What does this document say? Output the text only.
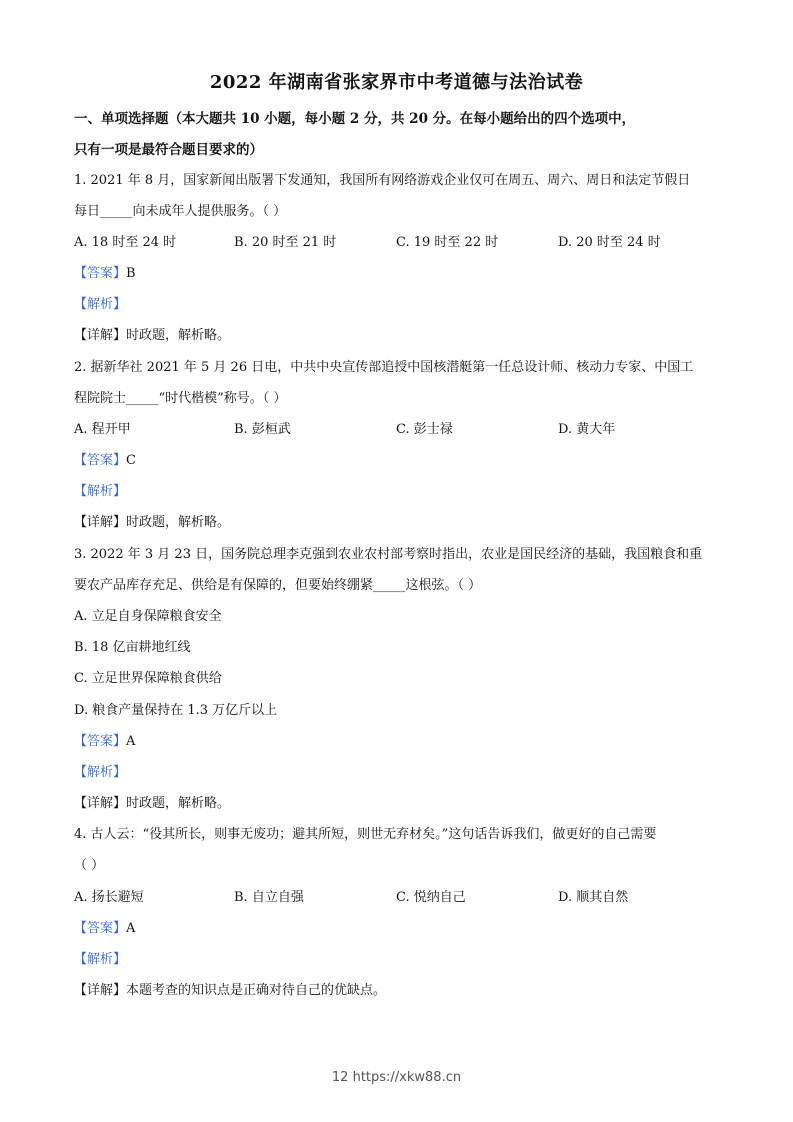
2022 年湖南省张家界市中考道德与法治试卷
一、单项选择题（本大题共 10 小题，每小题 2 分，共 20 分。在每小题给出的四个选项中，
只有一项是最符合题目要求的）
1. 2021 年 8 月，国家新闻出版署下发通知，我国所有网络游戏企业仅可在周五、周六、周日和法定节假日
每日_____向未成年人提供服务。（ ）
A. 18 时至 24 时	B. 20 时至 21 时	C. 19 时至 22 时	D. 20 时至 24 时
【答案】B
【解析】
【详解】时政题，解析略。
2. 据新华社 2021 年 5 月 26 日电，中共中央宣传部追授中国核潜艇第一任总设计师、核动力专家、中国工
程院院士_____“时代楷模”称号。（ ）
A. 程开甲	B. 彭桓武	C. 彭士禄	D. 黄大年
【答案】C
【解析】
【详解】时政题，解析略。
3. 2022 年 3 月 23 日，国务院总理李克强到农业农村部考察时指出，农业是国民经济的基础，我国粮食和重
要农产品库存充足、供给是有保障的，但要始终绷紧_____这根弦。（ ）
A. 立足自身保障粮食安全
B. 18 亿亩耕地红线
C. 立足世界保障粮食供给
D. 粮食产量保持在 1.3 万亿斤以上
【答案】A
【解析】
【详解】时政题，解析略。
4. 古人云：“役其所长，则事无废功；避其所短，则世无弃材矣。”这句话告诉我们，做更好的自己需要
（ ）
A. 扬长避短	B. 自立自强	C. 悦纳自己	D. 顺其自然
【答案】A
【解析】
【详解】本题考查的知识点是正确对待自己的优缺点。
12 https://xkw88.cn
